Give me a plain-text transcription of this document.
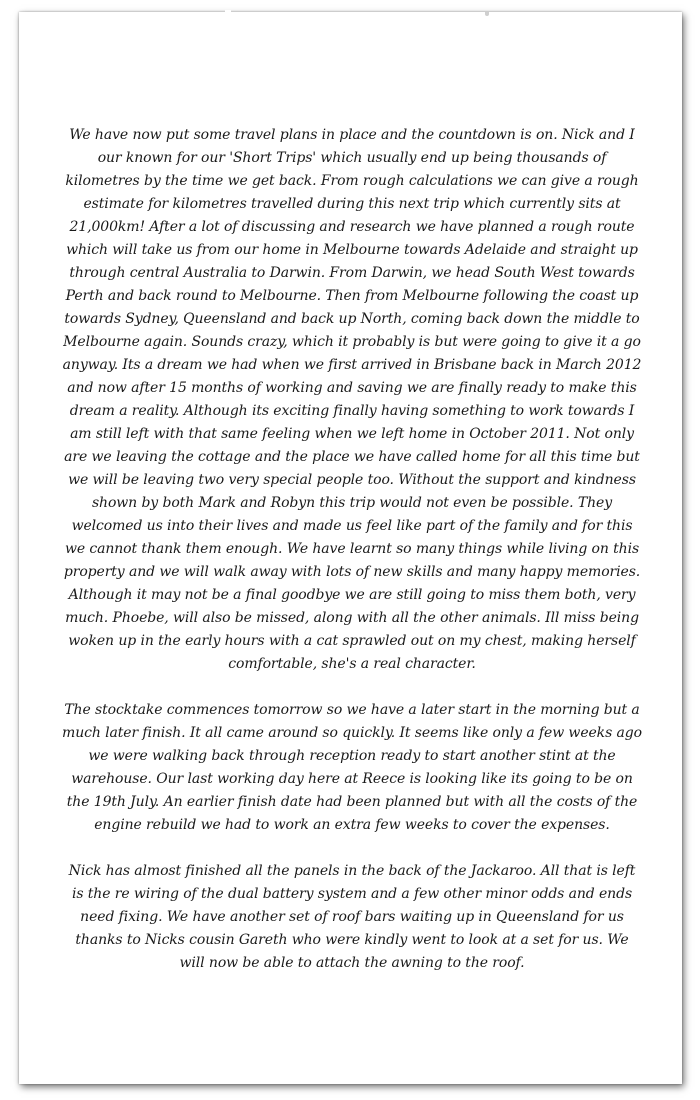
We have now put some travel plans in place and the countdown is on. Nick and I our known for our 'Short Trips' which usually end up being thousands of kilometres by the time we get back. From rough calculations we can give a rough estimate for kilometres travelled during this next trip which currently sits at 21,000km! After a lot of discussing and research we have planned a rough route which will take us from our home in Melbourne towards Adelaide and straight up through central Australia to Darwin. From Darwin, we head South West towards Perth and back round to Melbourne. Then from Melbourne following the coast up towards Sydney, Queensland and back up North, coming back down the middle to Melbourne again. Sounds crazy, which it probably is but were going to give it a go anyway. Its a dream we had when we first arrived in Brisbane back in March 2012 and now after 15 months of working and saving we are finally ready to make this dream a reality. Although its exciting finally having something to work towards I am still left with that same feeling when we left home in October 2011. Not only are we leaving the cottage and the place we have called home for all this time but we will be leaving two very special people too. Without the support and kindness shown by both Mark and Robyn this trip would not even be possible. They welcomed us into their lives and made us feel like part of the family and for this we cannot thank them enough. We have learnt so many things while living on this property and we will walk away with lots of new skills and many happy memories. Although it may not be a final goodbye we are still going to miss them both, very much. Phoebe, will also be missed, along with all the other animals. Ill miss being woken up in the early hours with a cat sprawled out on my chest, making herself comfortable, she's a real character.

The stocktake commences tomorrow so we have a later start in the morning but a much later finish. It all came around so quickly. It seems like only a few weeks ago we were walking back through reception ready to start another stint at the warehouse. Our last working day here at Reece is looking like its going to be on the 19th July. An earlier finish date had been planned but with all the costs of the engine rebuild we had to work an extra few weeks to cover the expenses.

Nick has almost finished all the panels in the back of the Jackaroo. All that is left is the re wiring of the dual battery system and a few other minor odds and ends need fixing. We have another set of roof bars waiting up in Queensland for us thanks to Nicks cousin Gareth who were kindly went to look at a set for us. We will now be able to attach the awning to the roof.
